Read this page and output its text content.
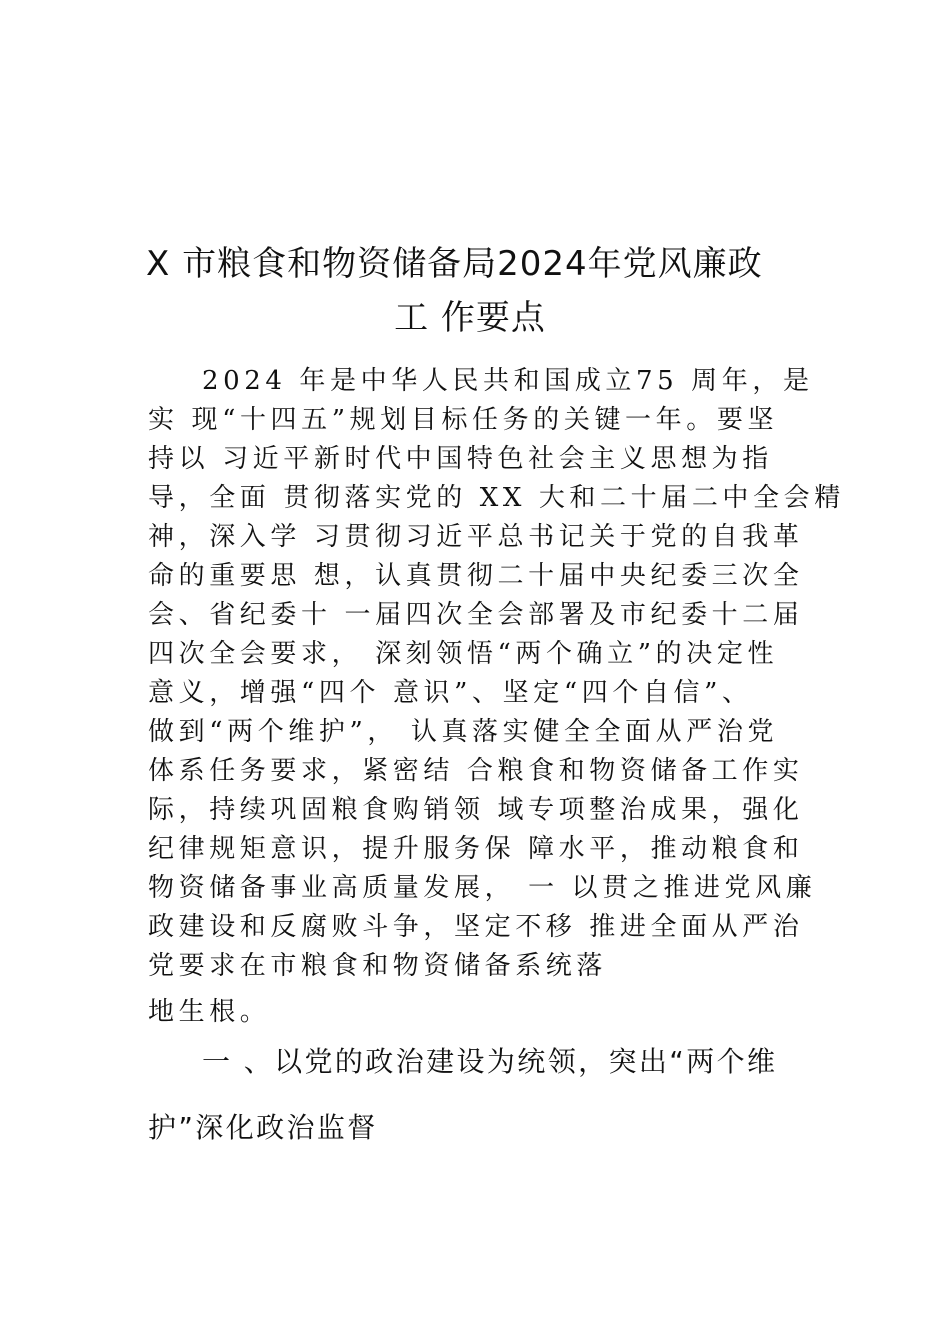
X 市粮食和物资储备局2024年党风廉政
工 作要点
2024 年是中华人民共和国成立75 周年，是
实 现“十四五”规划目标任务的关键一年。要坚
持以 习近平新时代中国特色社会主义思想为指
导，全面 贯彻落实党的 XX 大和二十届二中全会精
神，深入学 习贯彻习近平总书记关于党的自我革
命的重要思 想，认真贯彻二十届中央纪委三次全
会、省纪委十 一届四次全会部署及市纪委十二届
四次全会要求， 深刻领悟“两个确立”的决定性
意义，增强“四个 意识”、坚定“四个自信”、
做到“两个维护”， 认真落实健全全面从严治党
体系任务要求，紧密结 合粮食和物资储备工作实
际，持续巩固粮食购销领 域专项整治成果，强化
纪律规矩意识，提升服务保 障水平，推动粮食和
物资储备事业高质量发展， 一 以贯之推进党风廉
政建设和反腐败斗争，坚定不移 推进全面从严治
党要求在市粮食和物资储备系统落
地生根。
一 、以党的政治建设为统领，突出“两个维
护”深化政治监督
